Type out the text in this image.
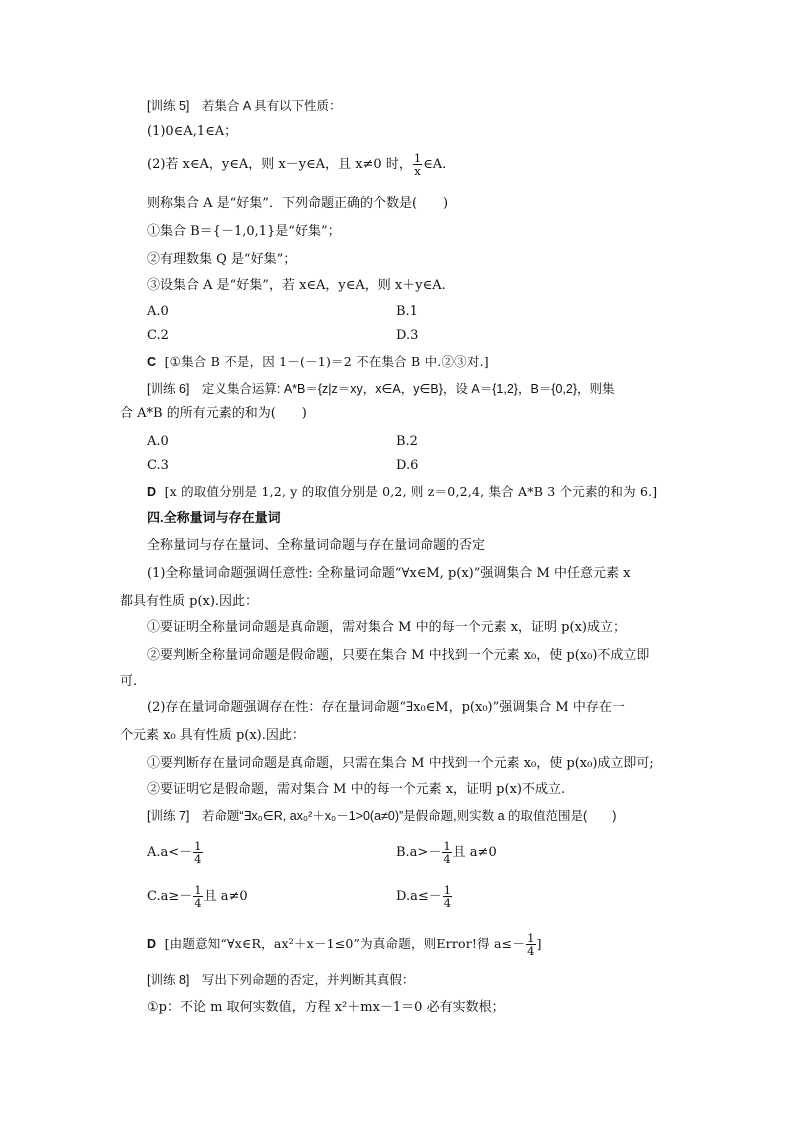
[训练 5]　若集合 A 具有以下性质：
(1)0∈A,1∈A；
(2)若 x∈A，y∈A，则 x－y∈A，且 x≠0 时， $\frac{1}{x}$ ∈A.
则称集合 A 是“好集”．下列命题正确的个数是(　　)
①集合 B＝{－1,0,1}是“好集”；
②有理数集 Q 是“好集”；
③设集合 A 是“好集”，若 x∈A，y∈A，则 x＋y∈A.
A.0	B.1
C.2	D.3
C [①集合 B 不是，因 1－(－1)＝2 不在集合 B 中.②③对.]
[训练 6]　定义集合运算: A*B＝{z|z＝xy，x∈A，y∈B}，设 A＝{1,2}，B＝{0,2}，则集
合 A*B 的所有元素的和为(　　)
A.0	B.2
C.3	D.6
D [x 的取值分别是 1,2, y 的取值分别是 0,2, 则 z＝0,2,4, 集合 A*B 3 个元素的和为 6.]
四.全称量词与存在量词
全称量词与存在量词、全称量词命题与存在量词命题的否定
(1)全称量词命题强调任意性: 全称量词命题“∀x∈M, p(x)”强调集合 M 中任意元素 x
都具有性质 p(x).因此：
①要证明全称量词命题是真命题，需对集合 M 中的每一个元素 x，证明 p(x)成立；
②要判断全称量词命题是假命题，只要在集合 M 中找到一个元素 x₀，使 p(x₀)不成立即
可.
(2)存在量词命题强调存在性：存在量词命题“∃x₀∈M，p(x₀)”强调集合 M 中存在一
个元素 x₀ 具有性质 p(x).因此：
①要判断存在量词命题是真命题，只需在集合 M 中找到一个元素 x₀，使 p(x₀)成立即可;
②要证明它是假命题，需对集合 M 中的每一个元素 x，证明 p(x)不成立.
[训练 7]　若命题“∃x₀∈R, ax₀²＋x₀－1>0(a≠0)”是假命题,则实数 a 的取值范围是(　　)
$A.a<- \frac{1}{4}$	$B.a>- \frac{1}{4}$ 且 a≠0
$C.a\ge- \frac{1}{4}$ 且 a≠0	$D.a\le- \frac{1}{4}$
D [由题意知“∀x∈R，ax²＋x－1≤0”为真命题，则Error!得 $a\le- \frac{1}{4}$ ]
[训练 8]　写出下列命题的否定，并判断其真假：
①p：不论 m 取何实数值，方程 x²＋mx－1＝0 必有实数根；
